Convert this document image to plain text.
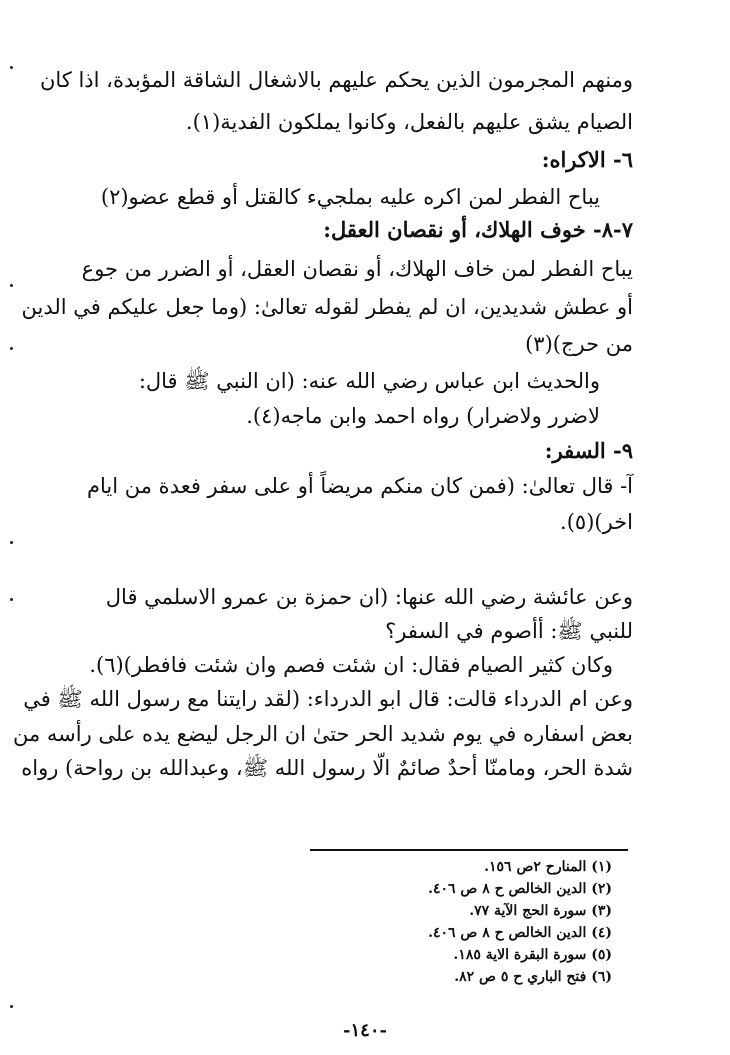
ومنهم المجرمون الذين يحكم عليهم بالاشغال الشاقة المؤبدة، اذا كان
الصيام يشق عليهم بالفعل، وكانوا يملكون الفدية(١).
٦- الاكراه:
يباح الفطر لمن اكره عليه بملجيء كالقتل أو قطع عضو(٢)
٧-٨- خوف الهلاك، أو نقصان العقل:
يباح الفطر لمن خاف الهلاك، أو نقصان العقل، أو الضرر من جوع
أو عطش شديدين، ان لم يفطر لقوله تعالىٰ: (وما جعل عليكم في الدين
من حرج)(٣)
والحديث ابن عباس رضي الله عنه: (ان النبي ﷺ قال:
لاضرر ولاضرار) رواه احمد وابن ماجه(٤).
٩- السفر:
آ- قال تعالىٰ: (فمن كان منكم مريضاً أو على سفر فعدة من ايام
اخر)(٥).
وعن عائشة رضي الله عنها: (ان حمزة بن عمرو الاسلمي قال
للنبي ﷺ: أأصوم في السفر؟
وكان كثير الصيام فقال: ان شئت فصم وان شئت فافطر)(٦).
وعن ام الدرداء قالت: قال ابو الدرداء: (لقد رايتنا مع رسول الله ﷺ في
بعض اسفاره في يوم شديد الحر حتىٰ ان الرجل ليضع يده على رأسه من
شدة الحر، ومامنّا أحدٌ صائمٌ الّا رسول الله ﷺ، وعبدالله بن رواحة) رواه
(١) المنارح ٢ص ١٥٦.
(٢) الدين الخالص ح ٨ ص ٤٠٦.
(٣) سورة الحج الآية ٧٧.
(٤) الدين الخالص ح ٨ ص ٤٠٦.
(٥) سورة البقرة الاية ١٨٥.
(٦) فتح الباري ح ٥ ص ٨٢.
-١٤٠-
